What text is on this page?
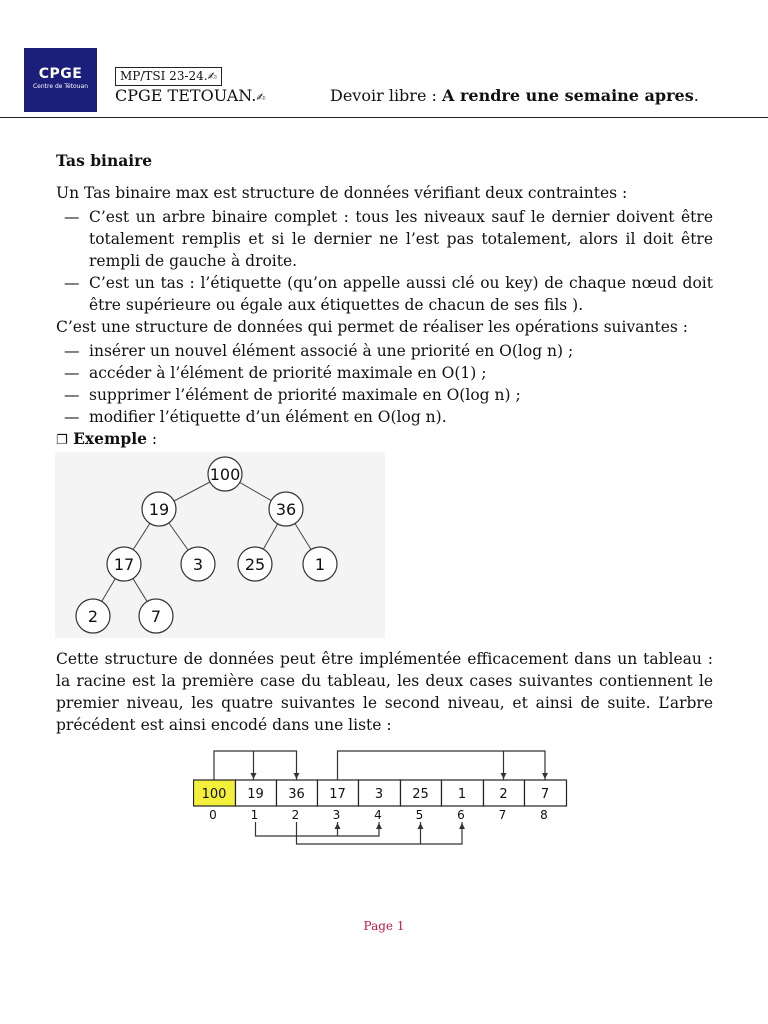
CPGE
Centre de Tétouan
MP/TSI 23-24.✍
CPGE TETOUAN.✍	Devoir libre : A rendre une semaine apres.

Tas binaire

Un Tas binaire max est structure de données vérifiant deux contraintes :

— C’est un arbre binaire complet : tous les niveaux sauf le dernier doivent être totalement remplis et si le dernier ne l’est pas totalement, alors il doit être rempli de gauche à droite.

— C’est un tas : l’étiquette (qu’on appelle aussi clé ou key) de chaque nœud doit être supérieure ou égale aux étiquettes de chacun de ses fils ).

C’est une structure de données qui permet de réaliser les opérations suivantes :

— insérer un nouvel élément associé à une priorité en O(log n) ;

— accéder à l’élément de priorité maximale en O(1) ;

— supprimer l’élément de priorité maximale en O(log n) ;

— modifier l’étiquette d’un élément en O(log n).

❐ Exemple :

100
19	36
17	3	25	1
2	7

Cette structure de données peut être implémentée efficacement dans un tableau : la racine est la première case du tableau, les deux cases suivantes contiennent le premier niveau, les quatre suivantes le second niveau, et ainsi de suite. L’arbre précédent est ainsi encodé dans une liste :

100 19 36 17 3 25 1	2	7
0	1	2	3	4	5	6	7	8
Page 1
